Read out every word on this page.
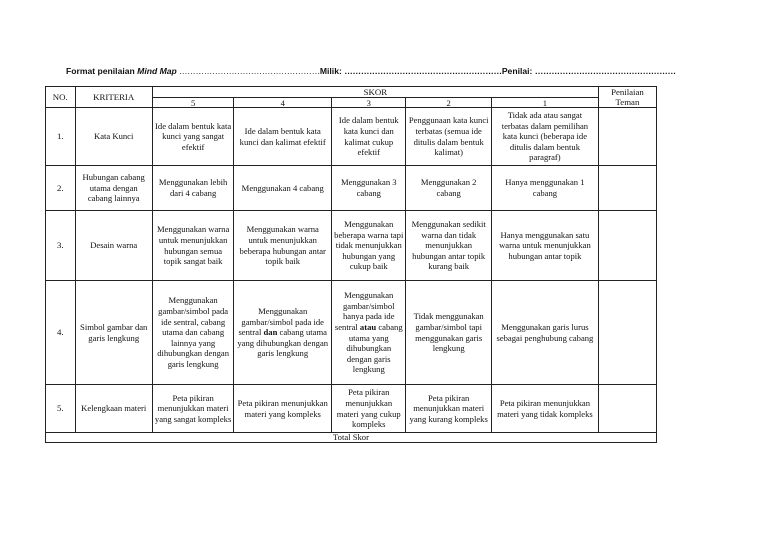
Format penilaian Mind Map ……………………………………………Milik: …………………………………………………Penilai: ……………………………………………
NO.	KRITERIA	SKOR					Penilaian Teman
		5	4	3	2	1	
1.	Kata Kunci	Ide dalam bentuk kata kunci yang sangat efektif	Ide dalam bentuk kata kunci dan kalimat efektif	Ide dalam bentuk kata kunci dan kalimat cukup efektif	Penggunaan kata kunci terbatas (semua ide ditulis dalam bentuk kalimat)	Tidak ada atau sangat terbatas dalam pemilihan kata kunci (beberapa ide ditulis dalam bentuk paragraf)	
2.	Hubungan cabang utama dengan cabang lainnya	Menggunakan lebih dari 4 cabang	Menggunakan 4 cabang	Menggunakan 3 cabang	Menggunakan 2 cabang	Hanya menggunakan 1 cabang	
3.	Desain warna	Menggunakan warna untuk menunjukkan hubungan semua topik sangat baik	Menggunakan warna untuk menunjukkan beberapa hubungan antar topik baik	Menggunakan beberapa warna tapi tidak menunjukkan hubungan yang cukup baik	Menggunakan sedikit warna dan tidak menunjukkan hubungan antar topik kurang baik	Hanya menggunakan satu warna untuk menunjukkan hubungan antar topik	
4.	Simbol gambar dan garis lengkung	Menggunakan gambar/simbol pada ide sentral, cabang utama dan cabang lainnya yang dihubungkan dengan garis lengkung	Menggunakan gambar/simbol pada ide sentral dan cabang utama yang dihubungkan dengan garis lengkung	Menggunakan gambar/simbol hanya pada ide sentral atau cabang utama yang dihubungkan dengan garis lengkung	Tidak menggunakan gambar/simbol tapi menggunakan garis lengkung	Menggunakan garis lurus sebagai penghubung cabang	
5.	Kelengkaan materi	Peta pikiran menunjukkan materi yang sangat kompleks	Peta pikiran menunjukkan materi yang kompleks	Peta pikiran menunjukkan materi yang cukup kompleks	Peta pikiran menunjukkan materi yang kurang kompleks	Peta pikiran menunjukkan materi yang tidak kompleks	
Total Skor							
